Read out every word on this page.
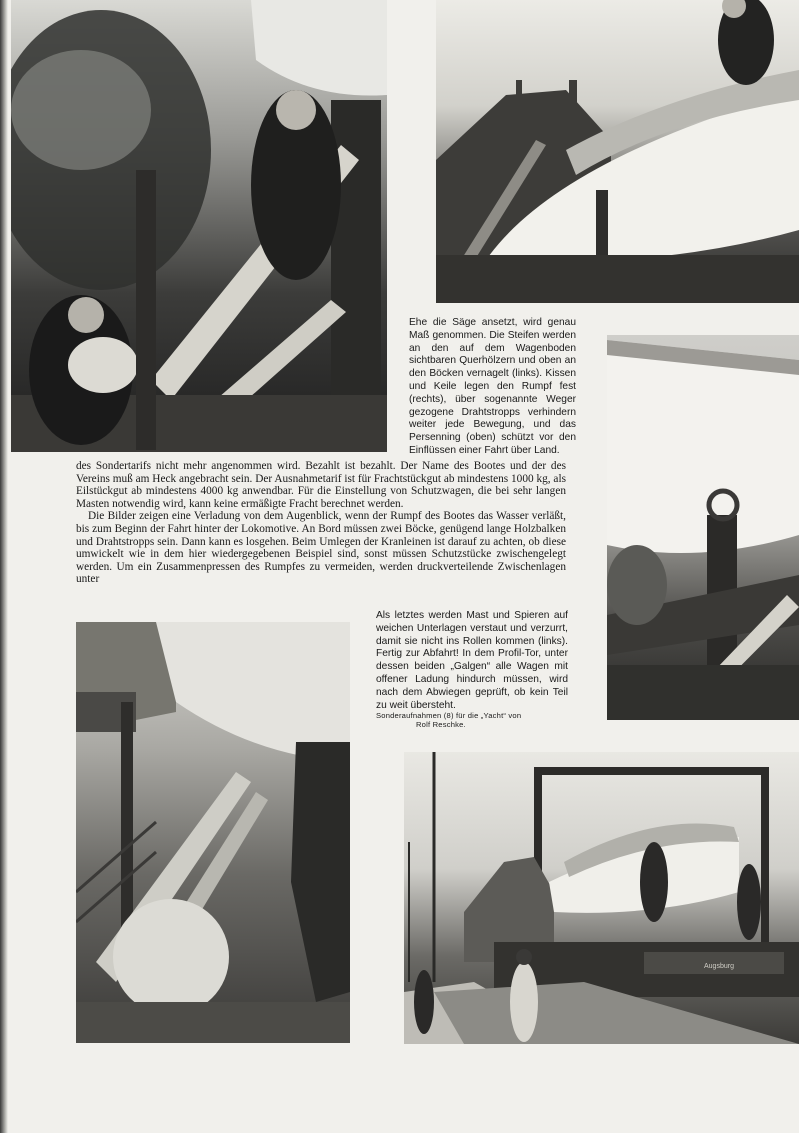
Ehe die Säge ansetzt, wird genau Maß genommen. Die Steifen werden an den auf dem Wagenboden sichtbaren Querhölzern und oben an den Böcken vernagelt (links). Kissen und Keile legen den Rumpf fest (rechts), über sogenannte Weger gezogene Drahtstropps verhindern weiter jede Bewegung, und das Persenning (oben) schützt vor den Einflüssen einer Fahrt über Land.

des Sondertarifs nicht mehr angenommen wird. Bezahlt ist bezahlt. Der Name des Bootes und der des Vereins muß am Heck angebracht sein. Der Ausnahmetarif ist für Frachtstückgut ab mindestens 1000 kg, als Eilstückgut ab mindestens 4000 kg anwendbar. Für die Einstellung von Schutzwagen, die bei sehr langen Masten notwendig wird, kann keine ermäßigte Fracht berechnet werden.

Die Bilder zeigen eine Verladung von dem Augenblick, wenn der Rumpf des Bootes das Wasser verläßt, bis zum Beginn der Fahrt hinter der Lokomotive. An Bord müssen zwei Böcke, genügend lange Holzbalken und Drahtstropps sein. Dann kann es losgehen. Beim Umlegen der Kranleinen ist darauf zu achten, ob diese umwickelt wie in dem hier wiedergegebenen Beispiel sind, sonst müssen Schutzstücke zwischengelegt werden. Um ein Zusammenpressen des Rumpfes zu vermeiden, werden druckverteilende Zwischenlagen unter

Als letztes werden Mast und Spieren auf weichen Unterlagen verstaut und verzurrt, damit sie nicht ins Rollen kommen (links). Fertig zur Abfahrt! In dem Profil-Tor, unter dessen beiden „Galgen“ alle Wagen mit offener Ladung hindurch müssen, wird nach dem Abwiegen geprüft, ob kein Teil zu weit übersteht.

Sonderaufnahmen (8) für die „Yacht“ von
Rolf Reschke.
Augsburg
